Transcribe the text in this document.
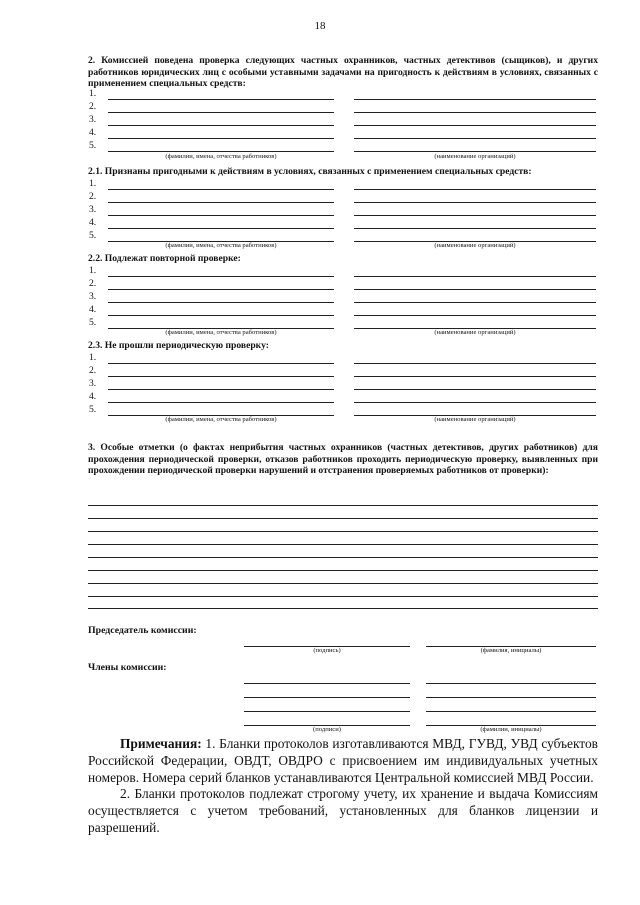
18
2. Комиссией поведена проверка следующих частных охранников, частных детективов (сыщиков), и других работников юридических лиц с особыми уставными задачами на пригодность к действиям в условиях, связанных с применением специальных средств:
1.
2.
3.
4.
5.
(фамилии, имена, отчества работников)	(наименование организаций)
2.1. Признаны пригодными к действиям в условиях, связанных с применением специальных средств:
1.
2.
3.
4.
5.
(фамилии, имена, отчества работников)	(наименование организаций)
2.2. Подлежат повторной проверке:
1.
2.
3.
4.
5.
(фамилии, имена, отчества работников)	(наименование организаций)
2.3. Не прошли периодическую проверку:
1.
2.
3.
4.
5.
(фамилии, имена, отчества работников)	(наименование организаций)
3. Особые отметки (о фактах неприбытия частных охранников (частных детективов, других работников) для прохождения периодической проверки, отказов работников проходить периодическую проверку, выявленных при прохождении периодической проверки нарушений и отстранения проверяемых работников от проверки):
Председатель комиссии:
(подпись)	(фамилия, инициалы)
Члены комиссии:
(подписи)	(фамилии, инициалы)

Примечания: 1. Бланки протоколов изготавливаются МВД, ГУВД, УВД субъектов Российской Федерации, ОВДТ, ОВДРО с присвоением им индивидуальных учетных номеров. Номера серий бланков устанавливаются Центральной комиссией МВД России.

2. Бланки протоколов подлежат строгому учету, их хранение и выдача Комиссиям осуществляется с учетом требований, установленных для бланков лицензии и разрешений.
